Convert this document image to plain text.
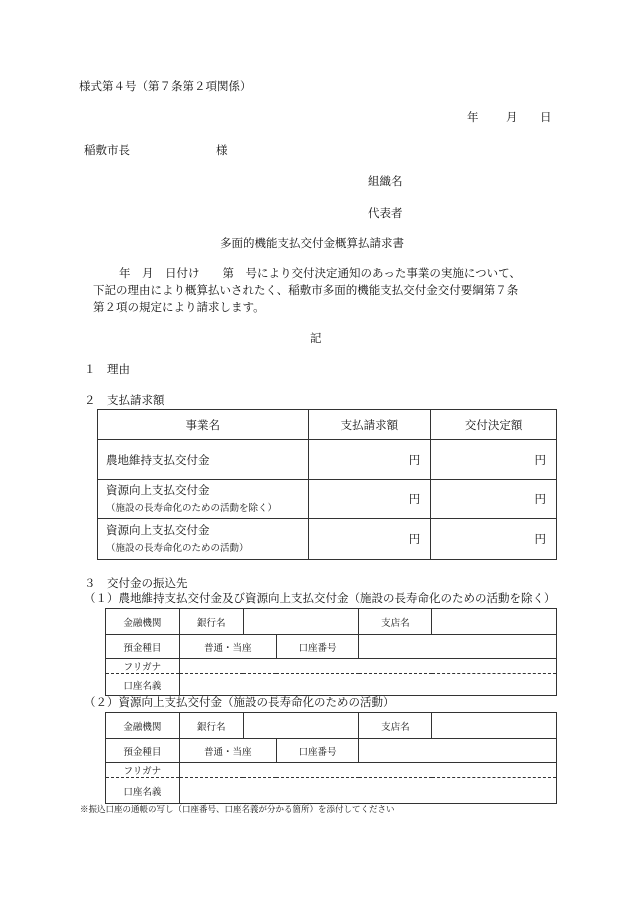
様式第４号（第７条第２項関係）
年 月 日
稲敷市長	様
組織名
代表者
多面的機能支払交付金概算払請求書
年　月　日付け　　第　号により交付決定通知のあった事業の実施について、
下記の理由により概算払いされたく、稲敷市多面的機能支払交付金交付要綱第７条
第２項の規定により請求します。
記
１　理由
２　支払請求額
事業名	支払請求額	交付決定額
農地維持支払交付金	円	円
資源向上支払交付金
（施設の長寿命化のための活動を除く）	円	円
資源向上支払交付金
（施設の長寿命化のための活動）	円	円
３　交付金の振込先
（１）農地維持支払交付金及び資源向上支払交付金（施設の長寿命化のための活動を除く）
金融機関	銀行名			支店名	
預金種目	普通・当座		口座番号		
フリガナ					
口座名義					
（２）資源向上支払交付金（施設の長寿命化のための活動）
金融機関	銀行名			支店名	
預金種目	普通・当座		口座番号		
フリガナ					
口座名義					
※振込口座の通帳の写し（口座番号、口座名義が分かる箇所）を添付してください
